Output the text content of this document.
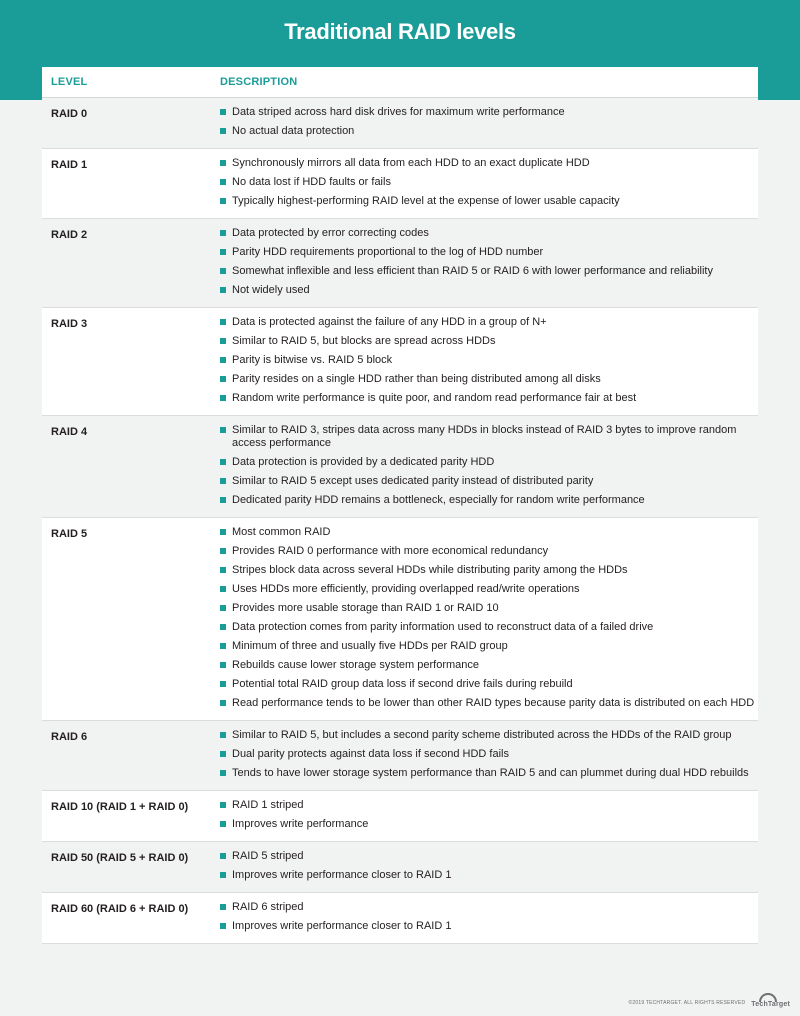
Traditional RAID levels
LEVEL	DESCRIPTION
RAID 0	Data striped across hard disk drives for maximum write performance
No actual data protection
RAID 1	Synchronously mirrors all data from each HDD to an exact duplicate HDD
No data lost if HDD faults or fails
Typically highest-performing RAID level at the expense of lower usable capacity
RAID 2	Data protected by error correcting codes
Parity HDD requirements proportional to the log of HDD number
Somewhat inflexible and less efficient than RAID 5 or RAID 6 with lower performance and reliability
Not widely used
RAID 3	Data is protected against the failure of any HDD in a group of N+
Similar to RAID 5, but blocks are spread across HDDs
Parity is bitwise vs. RAID 5 block
Parity resides on a single HDD rather than being distributed among all disks
Random write performance is quite poor, and random read performance fair at best
RAID 4	Similar to RAID 3, stripes data across many HDDs in blocks instead of RAID 3 bytes to improve random access performance
Data protection is provided by a dedicated parity HDD
Similar to RAID 5 except uses dedicated parity instead of distributed parity
Dedicated parity HDD remains a bottleneck, especially for random write performance
RAID 5	Most common RAID
Provides RAID 0 performance with more economical redundancy
Stripes block data across several HDDs while distributing parity among the HDDs
Uses HDDs more efficiently, providing overlapped read/write operations
Provides more usable storage than RAID 1 or RAID 10
Data protection comes from parity information used to reconstruct data of a failed drive
Minimum of three and usually five HDDs per RAID group
Rebuilds cause lower storage system performance
Potential total RAID group data loss if second drive fails during rebuild
Read performance tends to be lower than other RAID types because parity data is distributed on each HDD
RAID 6	Similar to RAID 5, but includes a second parity scheme distributed across the HDDs of the RAID group
Dual parity protects against data loss if second HDD fails
Tends to have lower storage system performance than RAID 5 and can plummet during dual HDD rebuilds
RAID 10 (RAID 1 + RAID 0)	RAID 1 striped
Improves write performance
RAID 50 (RAID 5 + RAID 0)	RAID 5 striped
Improves write performance closer to RAID 1
RAID 60 (RAID 6 + RAID 0)	RAID 6 striped
Improves write performance closer to RAID 1
©2019 TECHTARGET. ALL RIGHTS RESERVED TechTarget
